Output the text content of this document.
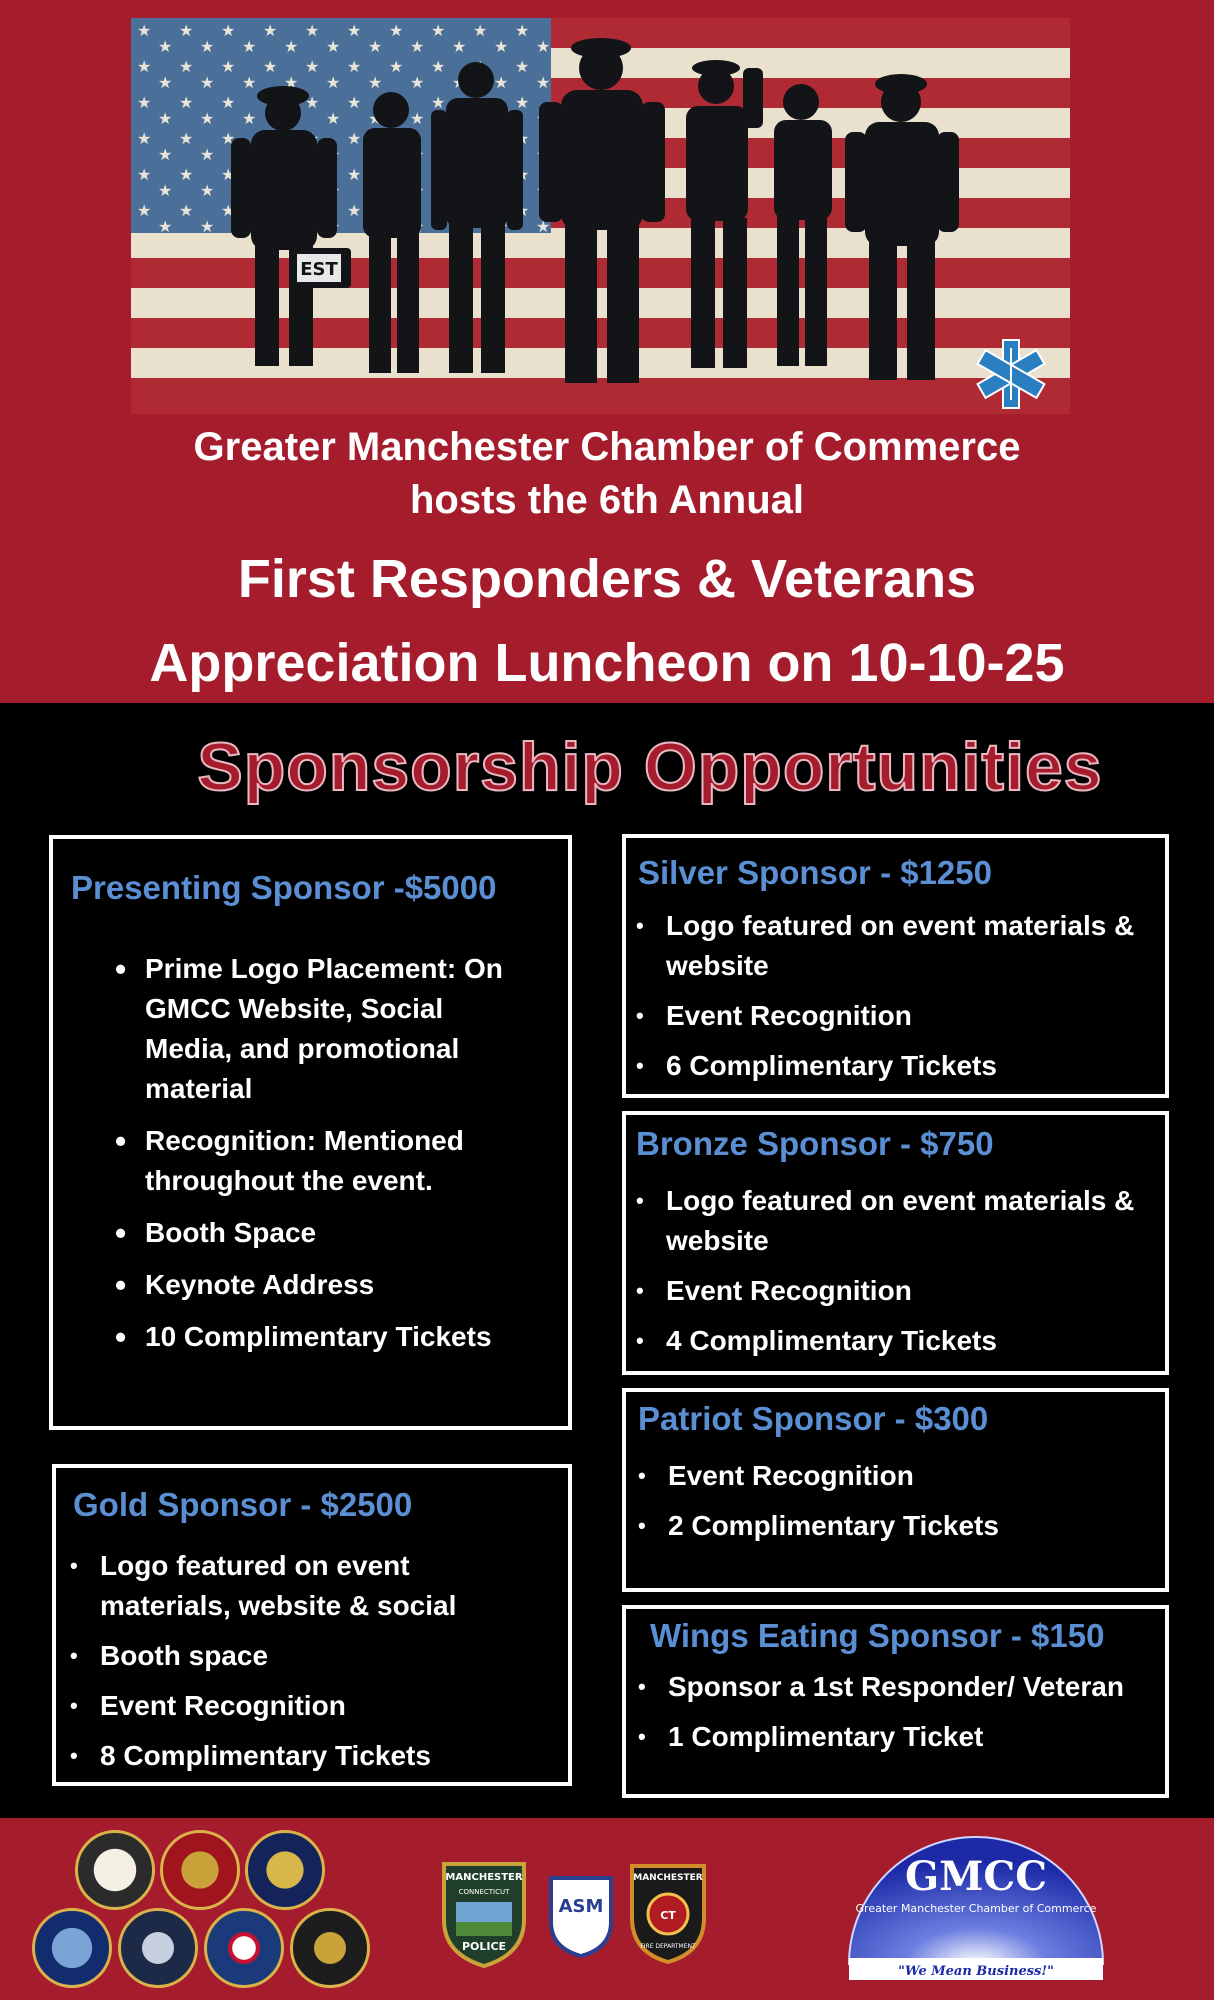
EST
Greater Manchester Chamber of Commerce
hosts the 6th Annual
First Responders & Veterans
Appreciation Luncheon on 10-10-25
Sponsorship Opportunities
Presenting Sponsor -$5000
• Prime Logo Placement: On GMCC Website, Social Media, and promotional material
• Recognition: Mentioned throughout the event.
• Booth Space
• Keynote Address
• 10 Complimentary Tickets
Gold Sponsor - $2500
• Logo featured on event materials, website & social
• Booth space
• Event Recognition
• 8 Complimentary Tickets
Silver Sponsor - $1250
• Logo featured on event materials & website
• Event Recognition
• 6 Complimentary Tickets
Bronze Sponsor - $750
• Logo featured on event materials & website
• Event Recognition
• 4 Complimentary Tickets
Patriot Sponsor - $300
• Event Recognition
• 2 Complimentary Tickets
Wings Eating Sponsor - $150
• Sponsor a 1st Responder/ Veteran
• 1 Complimentary Ticket
MANCHESTER
CONNECTICUT
POLICE
ASM
MANCHESTER
CT
FIRE DEPARTMENT
GMCC
Greater Manchester Chamber of Commerce
"We Mean Business!"
